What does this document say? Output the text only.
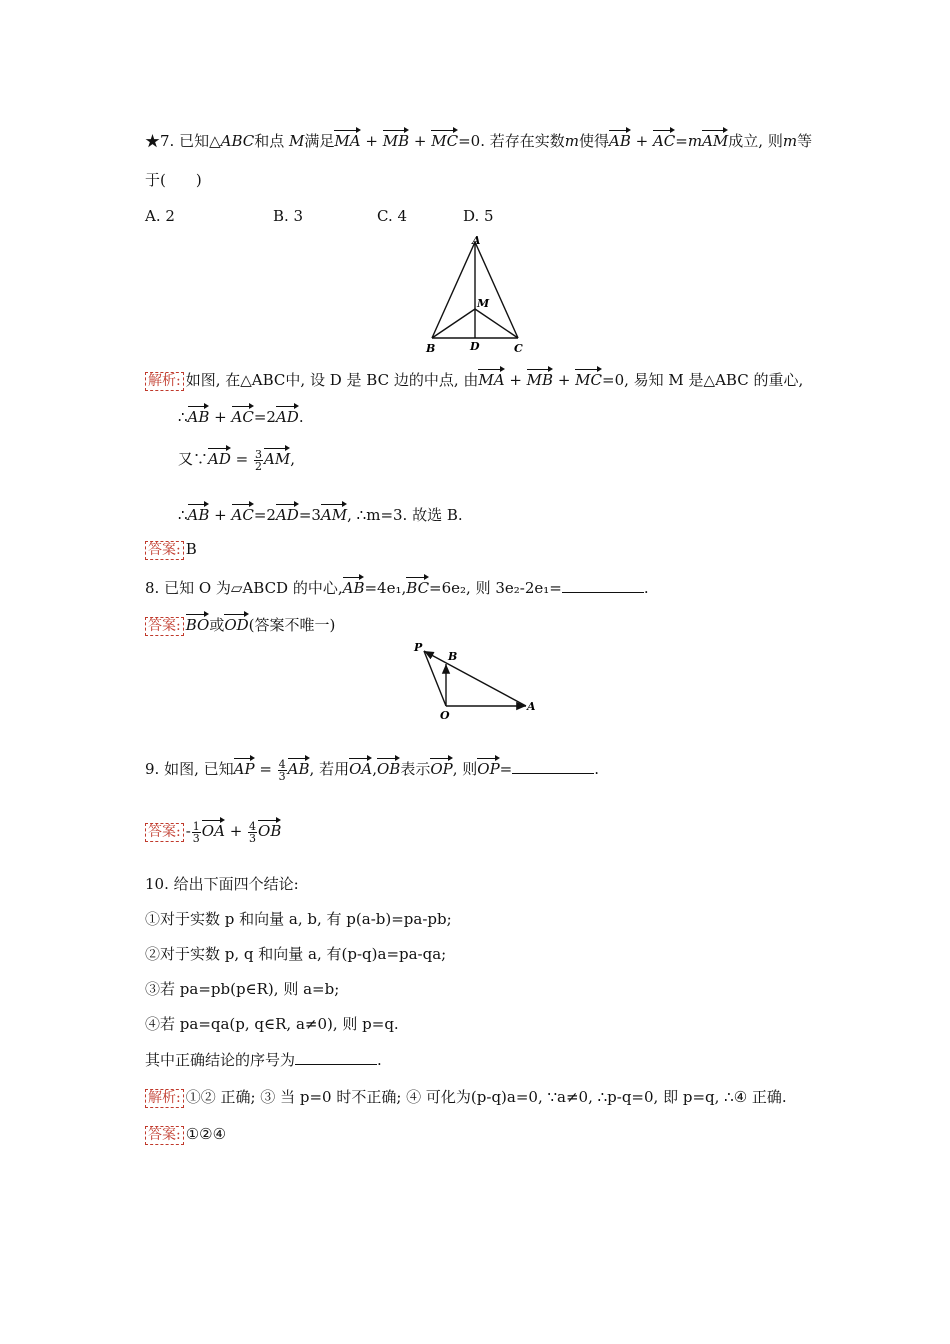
★7. 已知△ABC和点 M满足MA + MB + MC=0. 若存在实数m使得AB + AC=mAM成立, 则m等
于(　　)
A. 2	B. 3	C. 4	D. 5
A
M
B	D	C
解析: 如图, 在△ABC中, 设 D 是 BC 边的中点, 由MA + MB + MC=0, 易知 M 是△ABC 的重心,
∴AB + AC=2AD.
又∵AD = $\frac{3}{2}$ AM,
∴AB + AC=2AD=3AM, ∴m=3. 故选 B.
答案: B
8. 已知 O 为▱ABCD 的中心,AB=4e₁,BC=6e₂, 则 3e₂-2e₁=	.
答案: BO或OD(答案不唯一)
P
B
O
A
9. 如图, 已知AP = $\frac{4}{3}$ AB, 若用OA,OB表示OP, 则OP=	.
答案: - $\frac{1}{3}$ OA + $\frac{4}{3}$ OB
10. 给出下面四个结论:
①对于实数 p 和向量 a, b, 有 p(a-b)=pa-pb;
②对于实数 p, q 和向量 a, 有(p-q)a=pa-qa;
③若 pa=pb(p∈R), 则 a=b;
④若 pa=qa(p, q∈R, a≠0), 则 p=q.
其中正确结论的序号为	.
解析: ①② 正确; ③ 当 p=0 时不正确; ④ 可化为(p-q)a=0, ∵a≠0, ∴p-q=0, 即 p=q, ∴④ 正确.
答案: ①②④
